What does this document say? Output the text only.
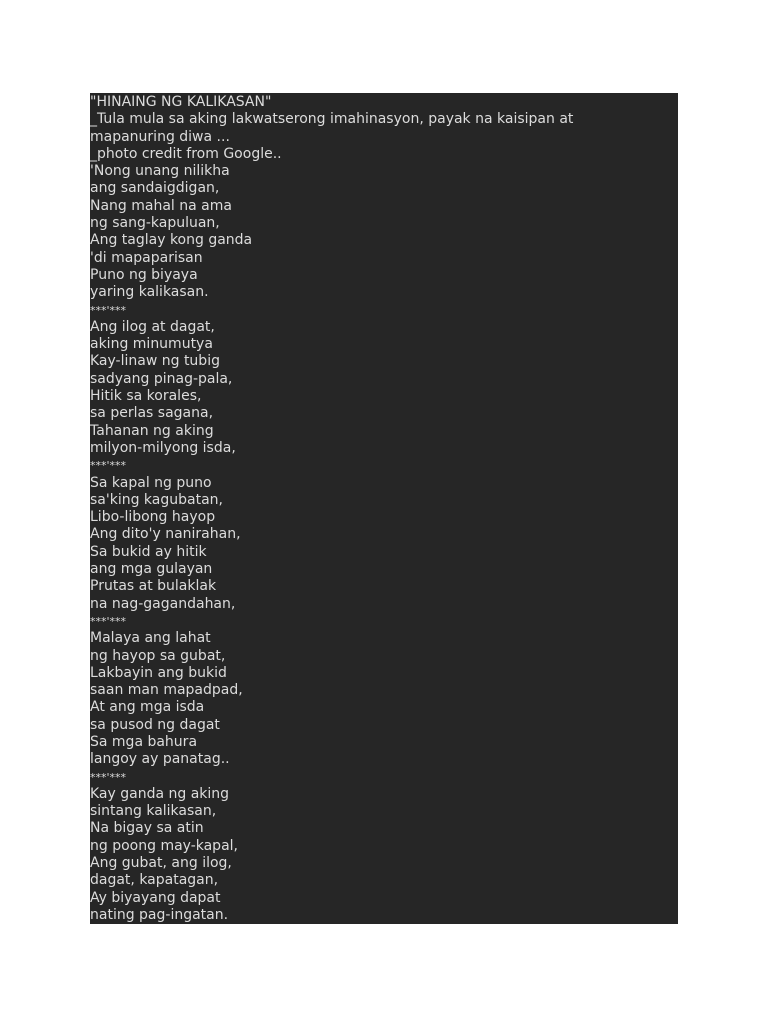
"HINAING NG KALIKASAN"
_Tula mula sa aking lakwatserong imahinasyon, payak na kaisipan at
mapanuring diwa ...
_photo credit from Google..
'Nong unang nilikha
ang sandaigdigan,
Nang mahal na ama
ng sang-kapuluan,
Ang taglay kong ganda
'di mapaparisan
Puno ng biyaya
yaring kalikasan.
***'***
Ang ilog at dagat,
aking minumutya
Kay-linaw ng tubig
sadyang pinag-pala,
Hitik sa korales,
sa perlas sagana,
Tahanan ng aking
milyon-milyong isda,
***'***
Sa kapal ng puno
sa'king kagubatan,
Libo-libong hayop
Ang dito'y nanirahan,
Sa bukid ay hitik
ang mga gulayan
Prutas at bulaklak
na nag-gagandahan,
***'***
Malaya ang lahat
ng hayop sa gubat,
Lakbayin ang bukid
saan man mapadpad,
At ang mga isda
sa pusod ng dagat
Sa mga bahura
langoy ay panatag..
***'***
Kay ganda ng aking
sintang kalikasan,
Na bigay sa atin
ng poong may-kapal,
Ang gubat, ang ilog,
dagat, kapatagan,
Ay biyayang dapat
nating pag-ingatan.
